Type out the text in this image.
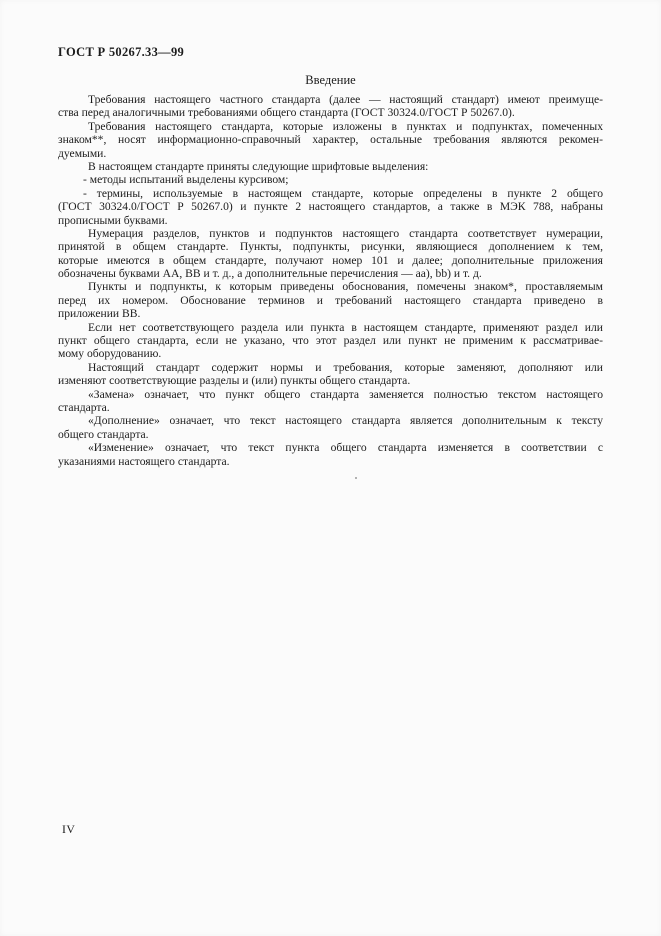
ГОСТ Р 50267.33—99
Введение
Требования настоящего частного стандарта (далее — настоящий стандарт) имеют преимуще-
ства перед аналогичными требованиями общего стандарта (ГОСТ 30324.0/ГОСТ Р 50267.0).
Требования настоящего стандарта, которые изложены в пунктах и подпунктах, помеченных
знаком**, носят информационно-справочный характер, остальные требования являются рекомен-
дуемыми.
В настоящем стандарте приняты следующие шрифтовые выделения:
- методы испытаний выделены курсивом;
- термины, используемые в настоящем стандарте, которые определены в пункте 2 общего
(ГОСТ 30324.0/ГОСТ Р 50267.0) и пункте 2 настоящего стандартов, а также в МЭК 788, набраны
прописными буквами.
Нумерация разделов, пунктов и подпунктов настоящего стандарта соответствует нумерации,
принятой в общем стандарте. Пункты, подпункты, рисунки, являющиеся дополнением к тем,
которые имеются в общем стандарте, получают номер 101 и далее; дополнительные приложения
обозначены буквами АА, ВВ и т. д., а дополнительные перечисления — аа), bb) и т. д.
Пункты и подпункты, к которым приведены обоснования, помечены знаком*, проставляемым
перед их номером. Обоснование терминов и требований настоящего стандарта приведено в
приложении ВВ.
Если нет соответствующего раздела или пункта в настоящем стандарте, применяют раздел или
пункт общего стандарта, если не указано, что этот раздел или пункт не применим к рассматривае-
мому оборудованию.
Настоящий стандарт содержит нормы и требования, которые заменяют, дополняют или
изменяют соответствующие разделы и (или) пункты общего стандарта.
«Замена» означает, что пункт общего стандарта заменяется полностью текстом настоящего
стандарта.
«Дополнение» означает, что текст настоящего стандарта является дополнительным к тексту
общего стандарта.
«Изменение» означает, что текст пункта общего стандарта изменяется в соответствии с
указаниями настоящего стандарта.
IV
